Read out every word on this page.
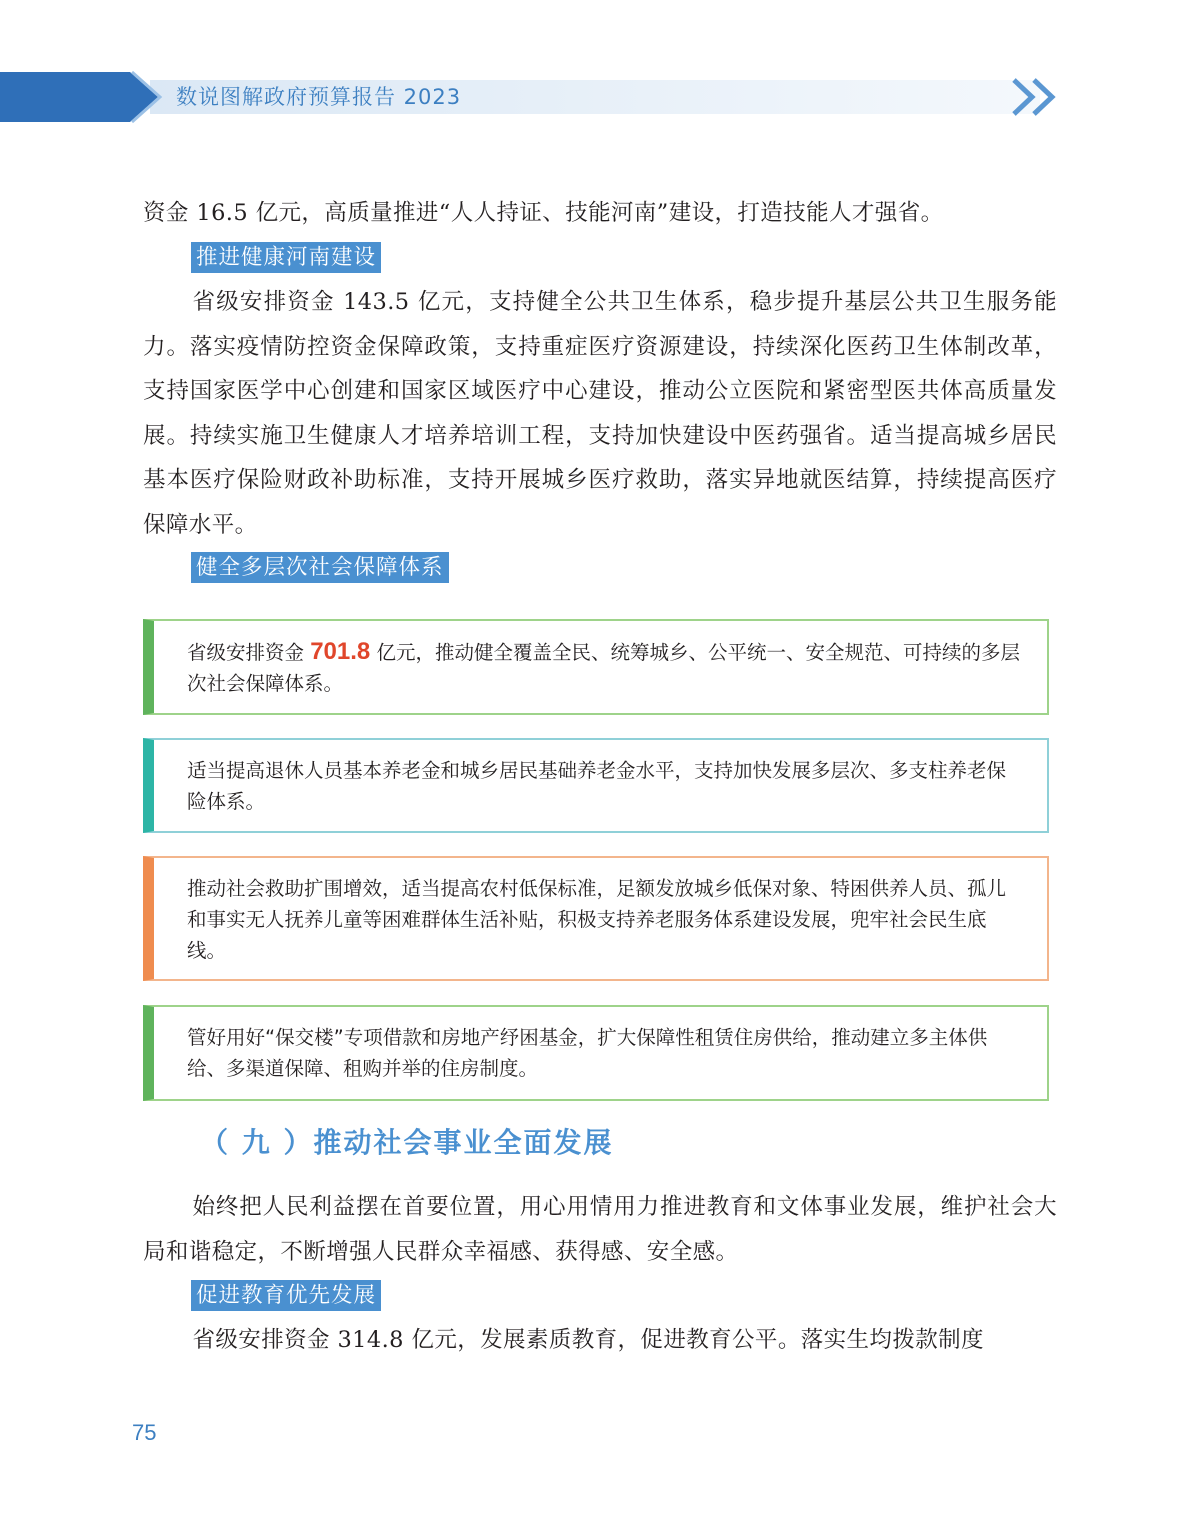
数说图解政府预算报告 2023

资金 16.5 亿元，高质量推进“人人持证、技能河南”建设，打造技能人才强省。

推进健康河南建设

省级安排资金 143.5 亿元，支持健全公共卫生体系，稳步提升基层公共卫生服务能力。落实疫情防控资金保障政策，支持重症医疗资源建设，持续深化医药卫生体制改革，支持国家医学中心创建和国家区域医疗中心建设，推动公立医院和紧密型医共体高质量发展。持续实施卫生健康人才培养培训工程，支持加快建设中医药强省。适当提高城乡居民基本医疗保险财政补助标准，支持开展城乡医疗救助，落实异地就医结算，持续提高医疗保障水平。

健全多层次社会保障体系
省级安排资金 701.8 亿元，推动健全覆盖全民、统筹城乡、公平统一、安全规范、可持续的多层次社会保障体系。
适当提高退休人员基本养老金和城乡居民基础养老金水平，支持加快发展多层次、多支柱养老保险体系。
推动社会救助扩围增效，适当提高农村低保标准，足额发放城乡低保对象、特困供养人员、孤儿和事实无人抚养儿童等困难群体生活补贴，积极支持养老服务体系建设发展，兜牢社会民生底线。
管好用好“保交楼”专项借款和房地产纾困基金，扩大保障性租赁住房供给，推动建立多主体供给、多渠道保障、租购并举的住房制度。
（ 九 ）推动社会事业全面发展

始终把人民利益摆在首要位置，用心用情用力推进教育和文体事业发展，维护社会大局和谐稳定，不断增强人民群众幸福感、获得感、安全感。

促进教育优先发展

省级安排资金 314.8 亿元，发展素质教育，促进教育公平。落实生均拨款制度

75
